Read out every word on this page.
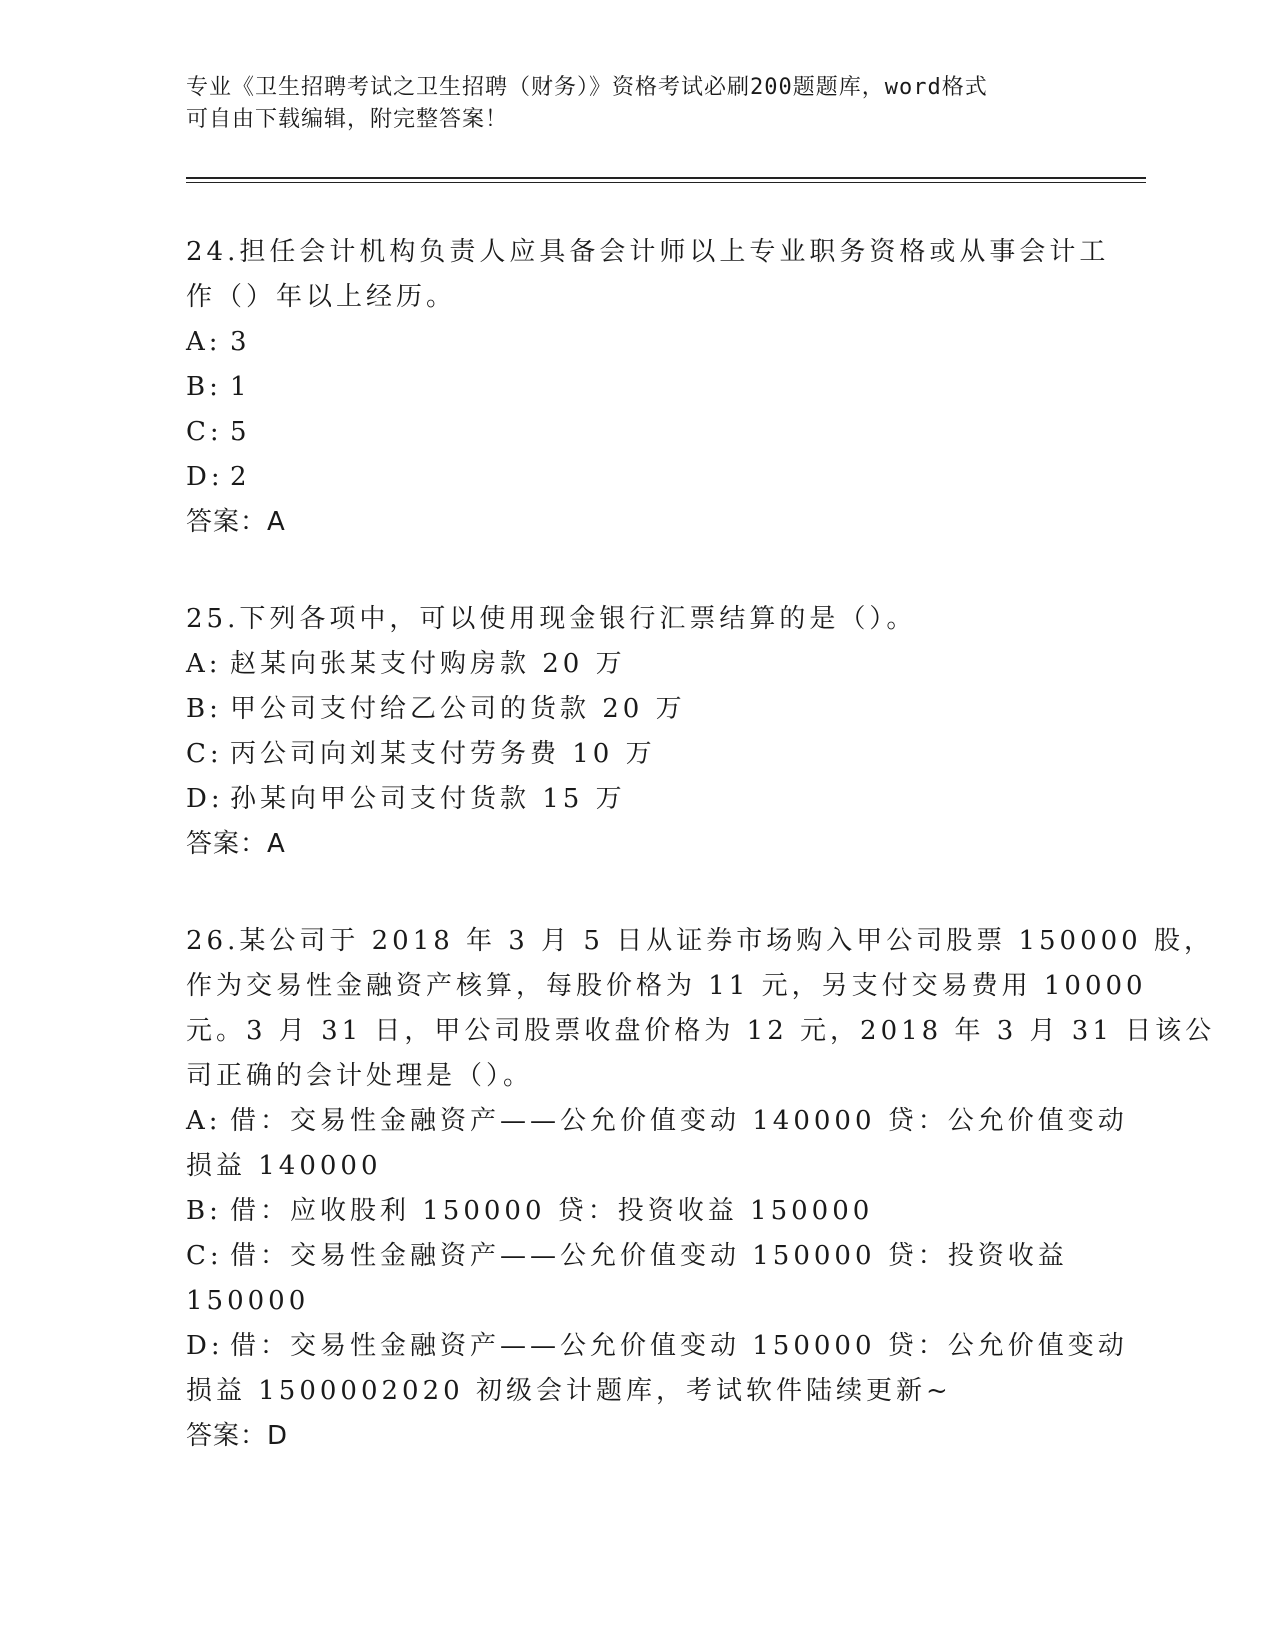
专业《卫生招聘考试之卫生招聘（财务）》资格考试必刷200题题库，word格式
可自由下载编辑，附完整答案！
24.担任会计机构负责人应具备会计师以上专业职务资格或从事会计工
作（）年以上经历。
A: 3
B: 1
C: 5
D: 2
答案：A
25.下列各项中，可以使用现金银行汇票结算的是（）。
A: 赵某向张某支付购房款 20 万
B: 甲公司支付给乙公司的货款 20 万
C: 丙公司向刘某支付劳务费 10 万
D: 孙某向甲公司支付货款 15 万
答案：A
26.某公司于 2018 年 3 月 5 日从证券市场购入甲公司股票 150000 股，
作为交易性金融资产核算，每股价格为 11 元，另支付交易费用 10000
元。3 月 31 日，甲公司股票收盘价格为 12 元，2018 年 3 月 31 日该公
司正确的会计处理是（）。
A: 借：交易性金融资产——公允价值变动 140000 贷：公允价值变动
损益 140000
B: 借：应收股利 150000 贷：投资收益 150000
C: 借：交易性金融资产——公允价值变动 150000 贷：投资收益
150000
D: 借：交易性金融资产——公允价值变动 150000 贷：公允价值变动
损益 1500002020 初级会计题库，考试软件陆续更新~
答案：D
